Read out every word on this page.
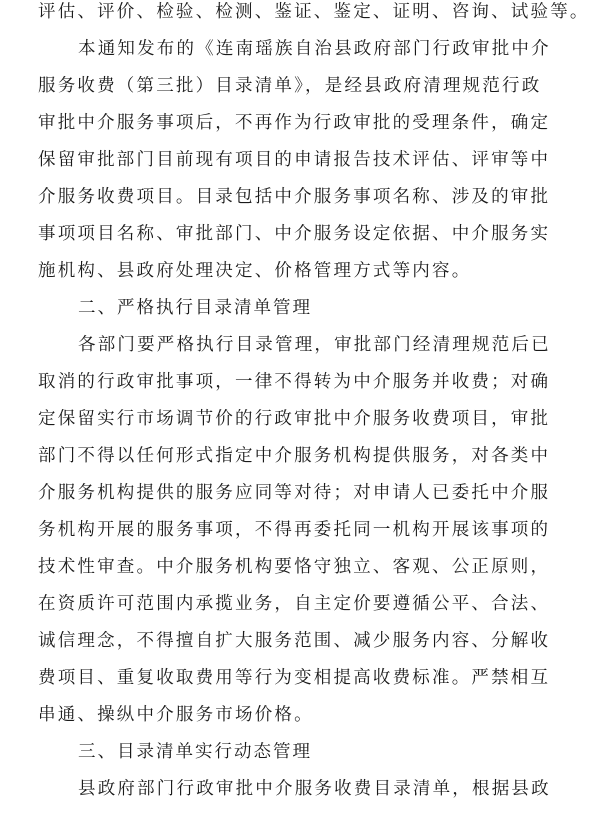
评估、评价、检验、检测、鉴证、鉴定、证明、咨询、试验等。
本通知发布的《连南瑶族自治县政府部门行政审批中介
服务收费（第三批）目录清单》，是经县政府清理规范行政
审批中介服务事项后，不再作为行政审批的受理条件，确定
保留审批部门目前现有项目的申请报告技术评估、评审等中
介服务收费项目。目录包括中介服务事项名称、涉及的审批
事项项目名称、审批部门、中介服务设定依据、中介服务实
施机构、县政府处理决定、价格管理方式等内容。
二、严格执行目录清单管理
各部门要严格执行目录管理，审批部门经清理规范后已
取消的行政审批事项，一律不得转为中介服务并收费；对确
定保留实行市场调节价的行政审批中介服务收费项目，审批
部门不得以任何形式指定中介服务机构提供服务，对各类中
介服务机构提供的服务应同等对待；对申请人已委托中介服
务机构开展的服务事项，不得再委托同一机构开展该事项的
技术性审查。中介服务机构要恪守独立、客观、公正原则，
在资质许可范围内承揽业务，自主定价要遵循公平、合法、
诚信理念，不得擅自扩大服务范围、减少服务内容、分解收
费项目、重复收取费用等行为变相提高收费标准。严禁相互
串通、操纵中介服务市场价格。
三、目录清单实行动态管理
县政府部门行政审批中介服务收费目录清单，根据县政
